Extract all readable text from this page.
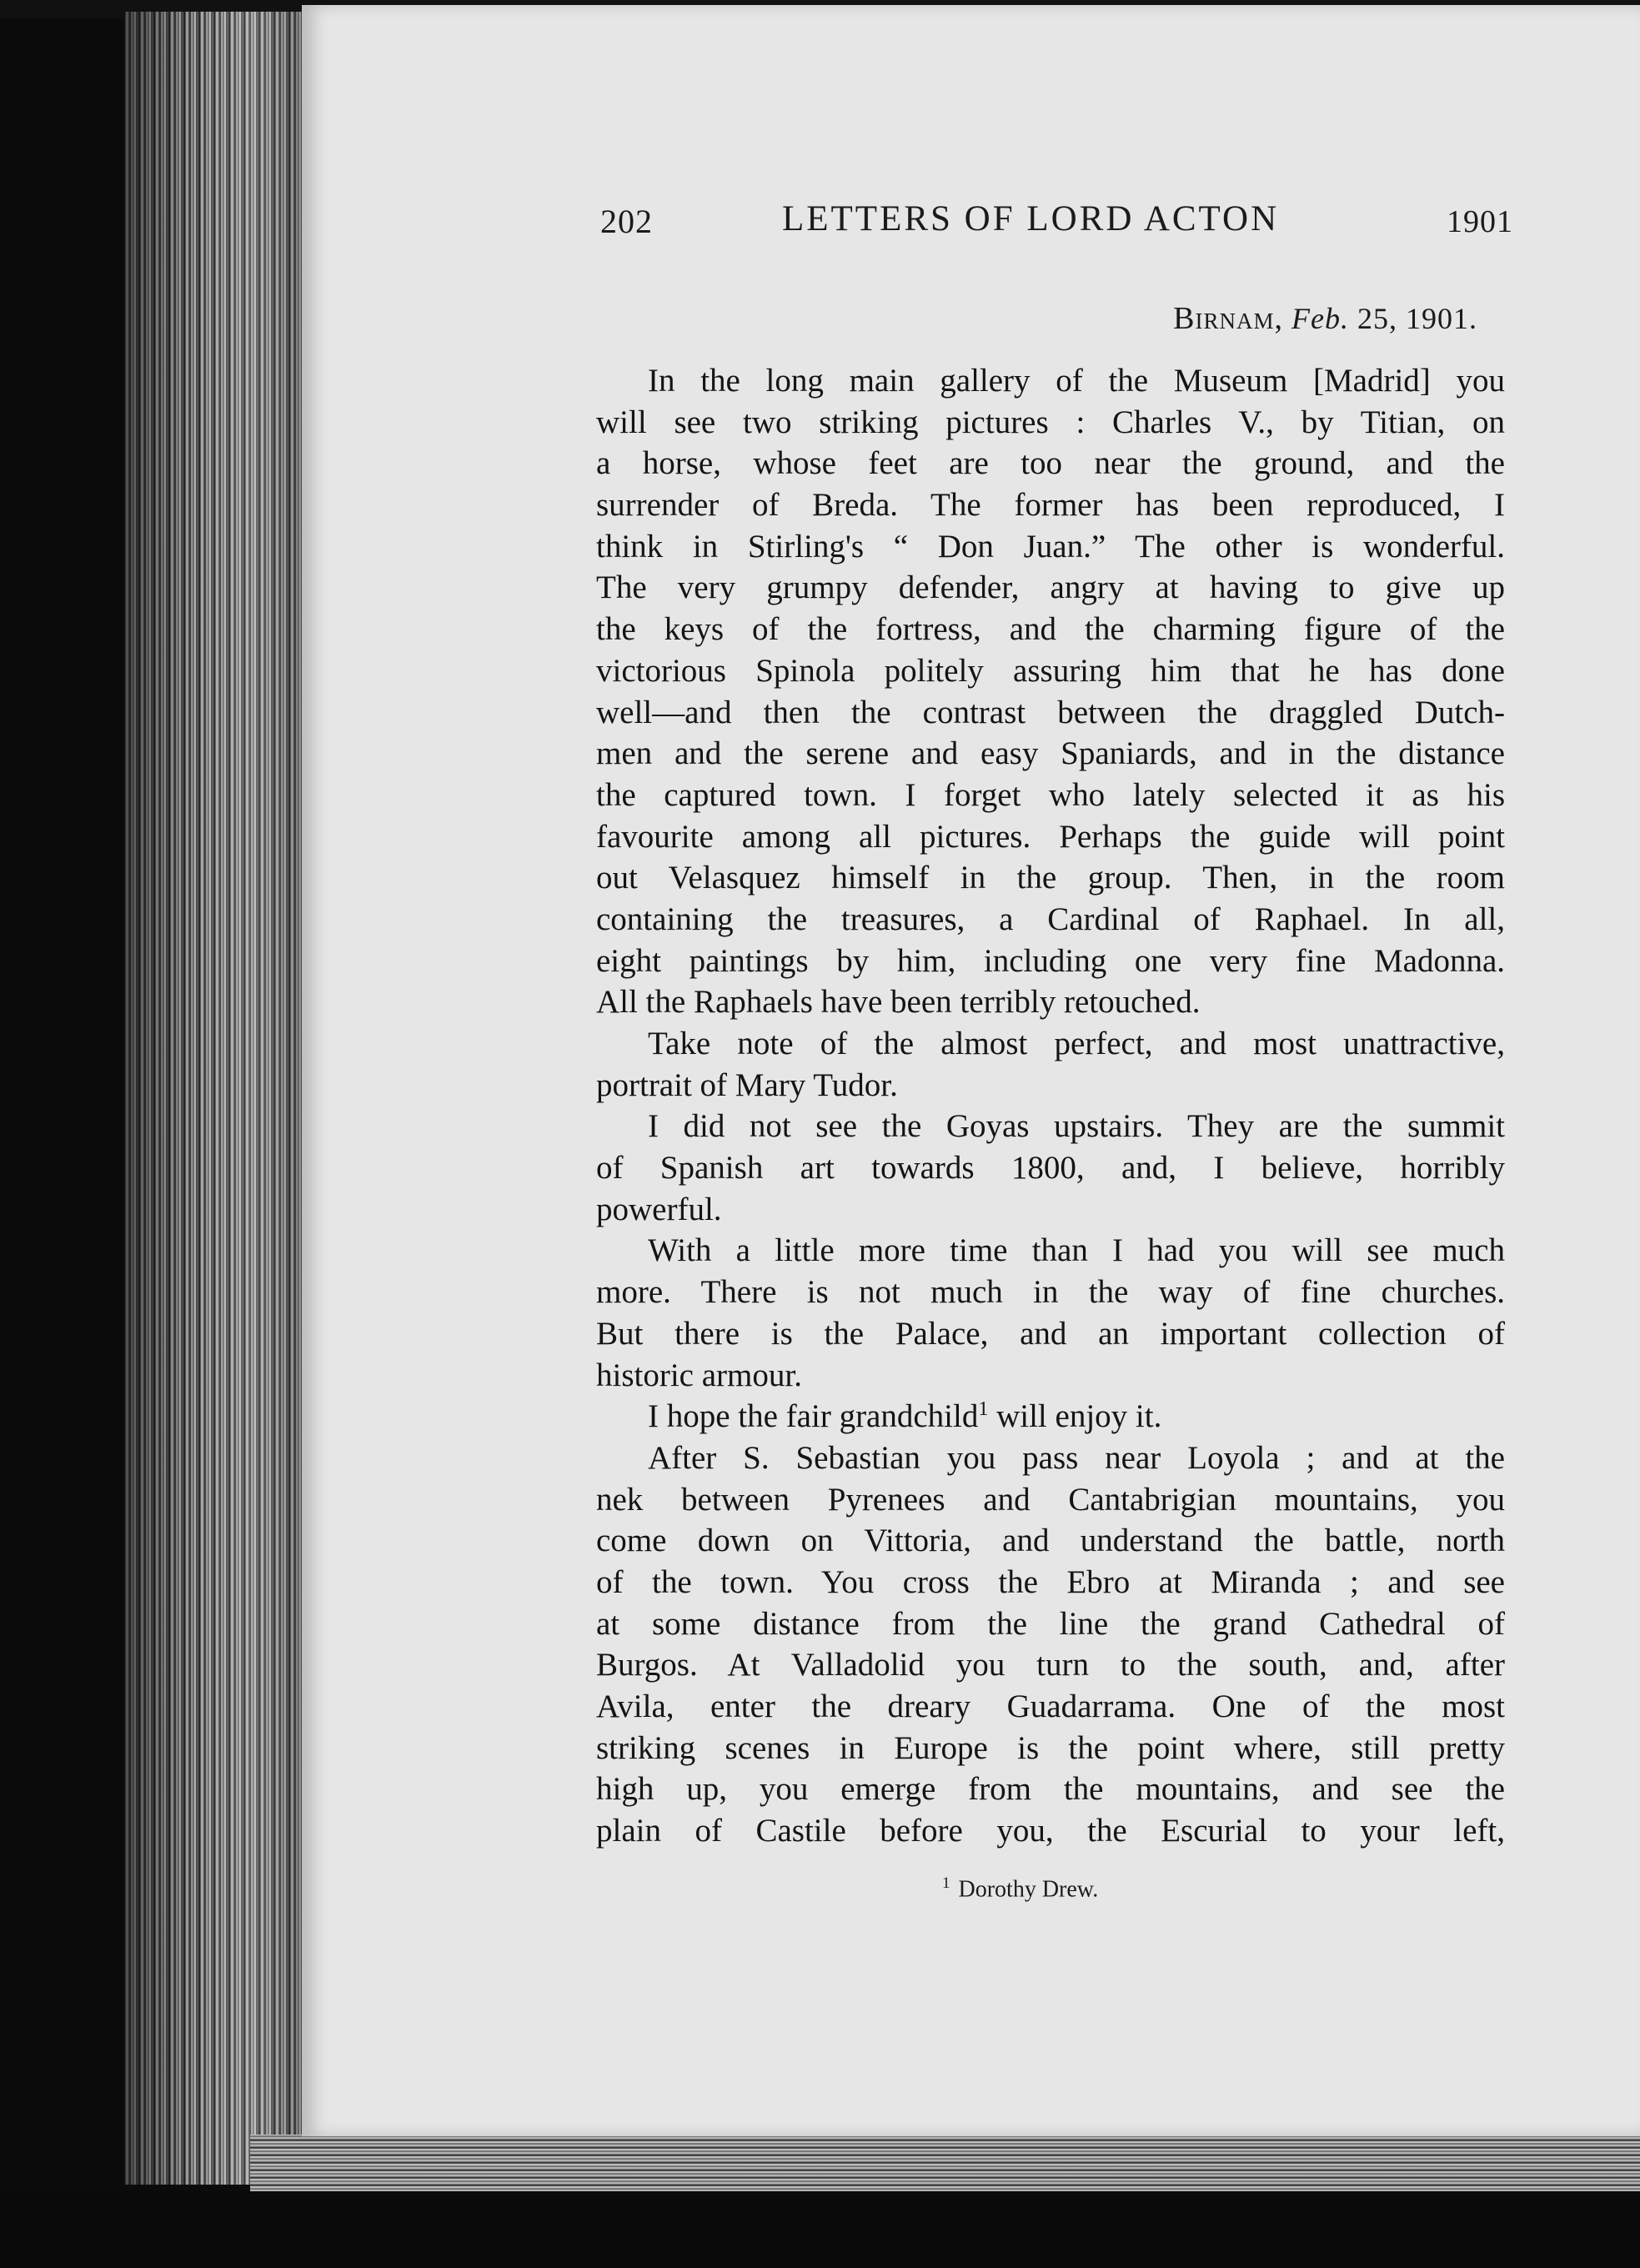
202	LETTERS OF LORD ACTON	1901
Birnam, Feb. 25, 1901.
In the long main gallery of the Museum [Madrid] you
will see two striking pictures : Charles V., by Titian, on
a horse, whose feet are too near the ground, and the
surrender of Breda. The former has been reproduced, I
think in Stirling's “ Don Juan.” The other is wonderful.
The very grumpy defender, angry at having to give up
the keys of the fortress, and the charming figure of the
victorious Spinola politely assuring him that he has done
well—and then the contrast between the draggled Dutch-
men and the serene and easy Spaniards, and in the distance
the captured town. I forget who lately selected it as his
favourite among all pictures. Perhaps the guide will point
out Velasquez himself in the group. Then, in the room
containing the treasures, a Cardinal of Raphael. In all,
eight paintings by him, including one very fine Madonna.
All the Raphaels have been terribly retouched.
Take note of the almost perfect, and most unattractive,
portrait of Mary Tudor.
I did not see the Goyas upstairs. They are the summit
of Spanish art towards 1800, and, I believe, horribly
powerful.
With a little more time than I had you will see much
more. There is not much in the way of fine churches.
But there is the Palace, and an important collection of
historic armour.
I hope the fair grandchild$^1$ will enjoy it.
After S. Sebastian you pass near Loyola ; and at the
nek between Pyrenees and Cantabrigian mountains, you
come down on Vittoria, and understand the battle, north
of the town. You cross the Ebro at Miranda ; and see
at some distance from the line the grand Cathedral of
Burgos. At Valladolid you turn to the south, and, after
Avila, enter the dreary Guadarrama. One of the most
striking scenes in Europe is the point where, still pretty
high up, you emerge from the mountains, and see the
plain of Castile before you, the Escurial to your left,
$^1$ Dorothy Drew.
